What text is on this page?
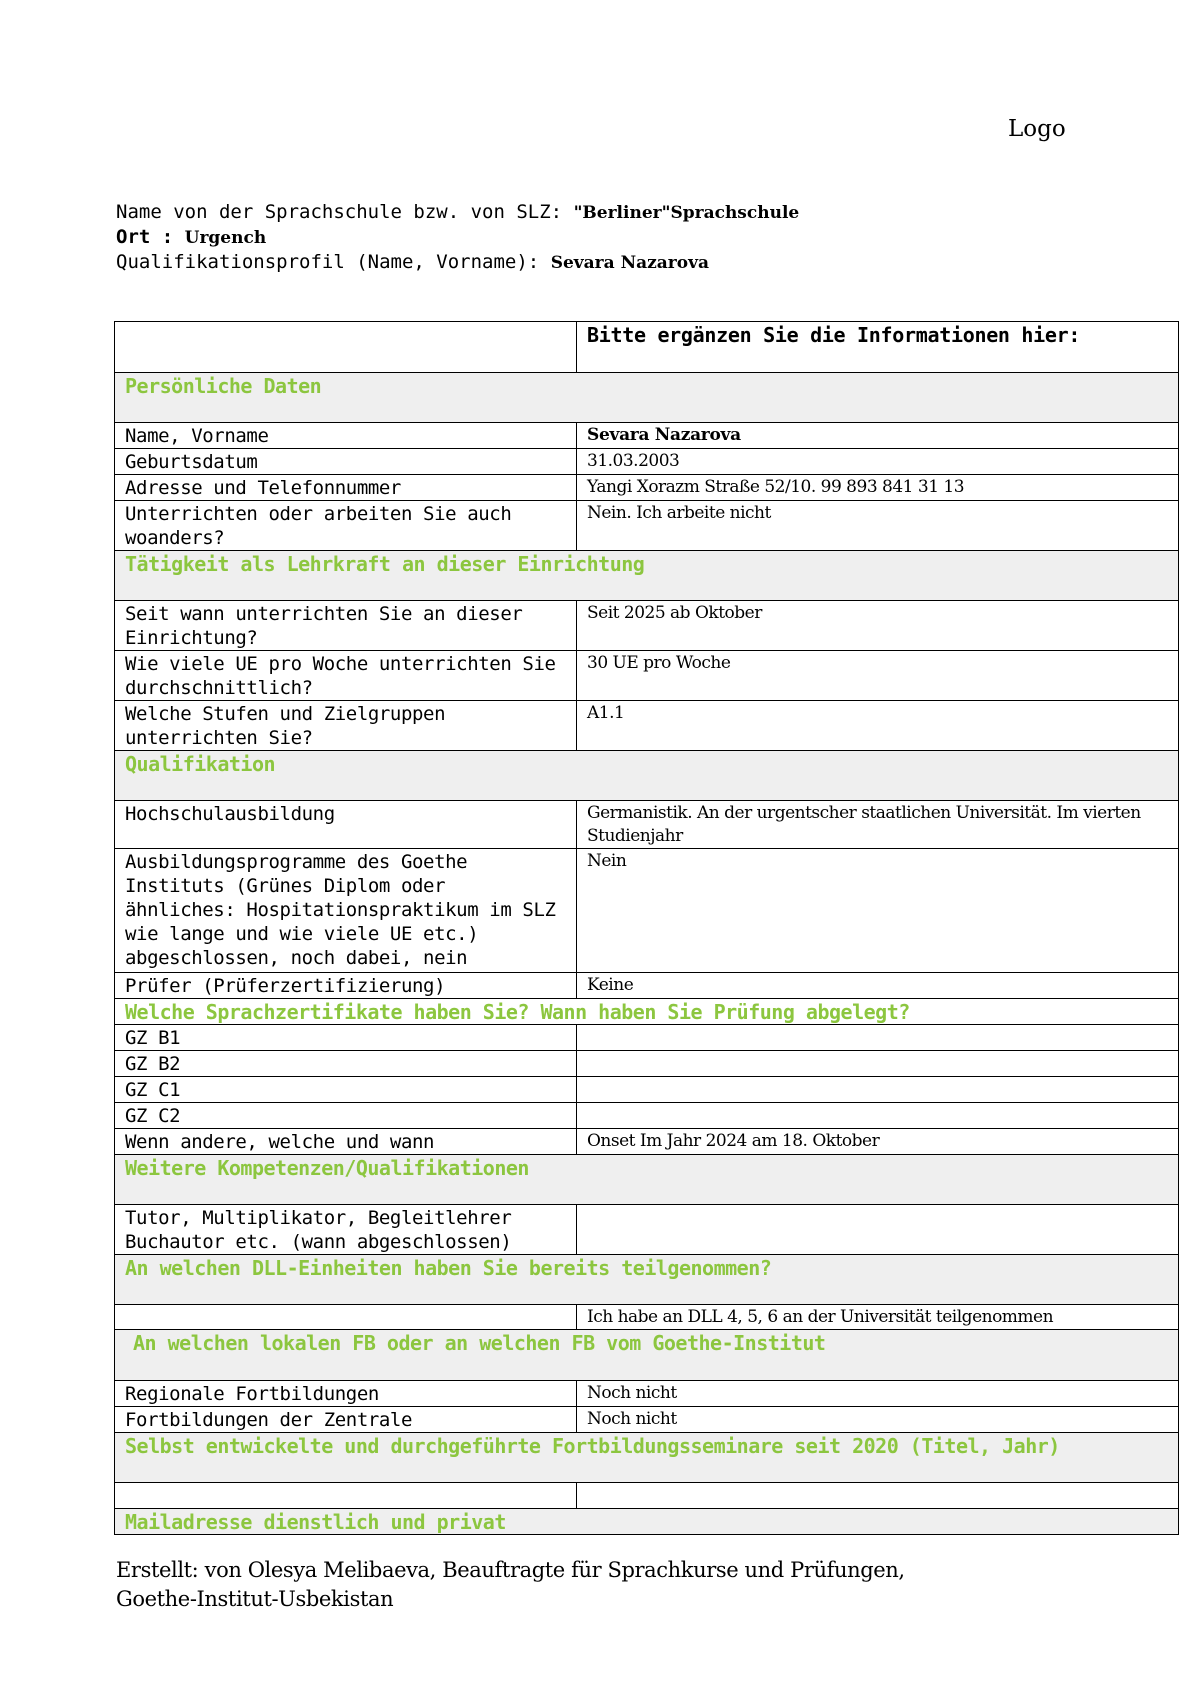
Logo
Name von der Sprachschule bzw. von SLZ: "Berliner"Sprachschule
Ort : Urgench
Qualifikationsprofil (Name, Vorname): Sevara Nazarova
	Bitte ergänzen Sie die Informationen hier:
Persönliche Daten	
Name, Vorname	Sevara Nazarova
Geburtsdatum	31.03.2003
Adresse und Telefonnummer	Yangi Xorazm Straße 52/10. 99 893 841 31 13
Unterrichten oder arbeiten Sie auch woanders?	Nein. Ich arbeite nicht
Tätigkeit als Lehrkraft an dieser Einrichtung	
Seit wann unterrichten Sie an dieser Einrichtung?	Seit 2025 ab Oktober
Wie viele UE pro Woche unterrichten Sie durchschnittlich?	30 UE pro Woche
Welche Stufen und Zielgruppen unterrichten Sie?	A1.1
Qualifikation	
Hochschulausbildung	Germanistik. An der urgentscher staatlichen Universität. Im vierten Studienjahr
Ausbildungsprogramme des Goethe Instituts (Grünes Diplom oder ähnliches: Hospitationspraktikum im SLZ wie lange und wie viele UE etc.) abgeschlossen, noch dabei, nein	Nein
Prüfer (Prüferzertifizierung)	Keine
Welche Sprachzertifikate haben Sie? Wann haben Sie Prüfung abgelegt?	
GZ B1	
GZ B2	
GZ C1	
GZ C2	
Wenn andere, welche und wann	Onset Im Jahr 2024 am 18. Oktober
Weitere Kompetenzen/Qualifikationen	
Tutor, Multiplikator, Begleitlehrer Buchautor etc. (wann abgeschlossen)	
An welchen DLL-Einheiten haben Sie bereits teilgenommen?	
	Ich habe an DLL 4, 5, 6 an der Universität teilgenommen
An welchen lokalen FB oder an welchen FB vom Goethe-Institut	
Regionale Fortbildungen	Noch nicht
Fortbildungen der Zentrale	Noch nicht
Selbst entwickelte und durchgeführte Fortbildungsseminare seit 2020 (Titel, Jahr)	

Mailadresse dienstlich und privat	
Erstellt: von Olesya Melibaeva, Beauftragte für Sprachkurse und Prüfungen,
Goethe-Institut-Usbekistan
